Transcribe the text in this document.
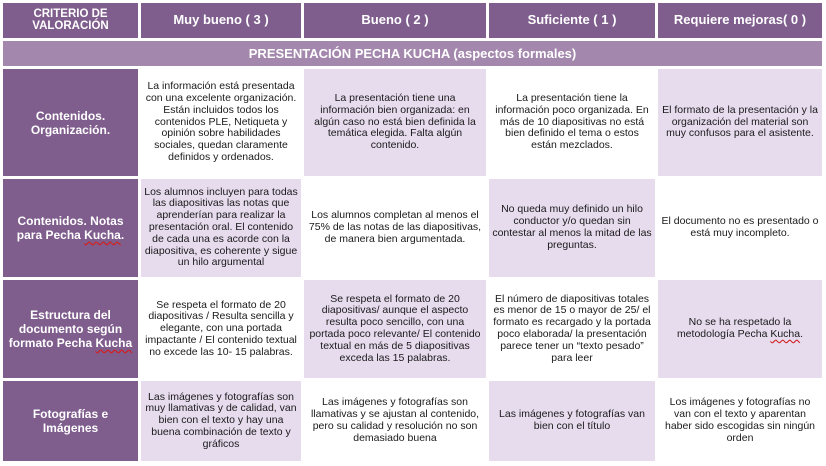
CRITERIO DE VALORACIÓN	Muy bueno ( 3 )	Bueno ( 2 )	Suficiente ( 1 )	Requiere mejoras( 0 )
PRESENTACIÓN PECHA KUCHA (aspectos formales)				
Contenidos. Organización.	La información está presentada con una excelente organización. Están incluidos todos los contenidos PLE, Netiqueta y opinión sobre habilidades sociales, quedan claramente definidos y ordenados.	La presentación tiene una información bien organizada: en algún caso no está bien definida la temática elegida. Falta algún contenido.	La presentación tiene la información poco organizada. En más de 10 diapositivas no está bien definido el tema o estos están mezclados.	El formato de la presentación y la organización del material son muy confusos para el asistente.
Contenidos. Notas para Pecha Kucha.	Los alumnos incluyen para todas las diapositivas las notas que aprenderían para realizar la presentación oral. El contenido de cada una es acorde con la diapositiva, es coherente y sigue un hilo argumental	Los alumnos completan al menos el 75% de las notas de las diapositivas, de manera bien argumentada.	No queda muy definido un hilo conductor y/o quedan sin contestar al menos la mitad de las preguntas.	El documento no es presentado o está muy incompleto.
Estructura del documento según formato Pecha Kucha	Se respeta el formato de 20 diapositivas / Resulta sencilla y elegante, con una portada impactante / El contenido textual no excede las 10- 15 palabras.	Se respeta el formato de 20 diapositivas/ aunque el aspecto resulta poco sencillo, con una portada poco relevante/ El contenido textual en más de 5 diapositivas exceda las 15 palabras.	El número de diapositivas totales es menor de 15 o mayor de 25/ el formato es recargado y la portada poco elaborada/ la presentación parece tener un “texto pesado” para leer	No se ha respetado la metodología Pecha Kucha.
Fotografías e Imágenes	Las imágenes y fotografías son muy llamativas y de calidad, van bien con el texto y hay una buena combinación de texto y gráficos	Las imágenes y fotografías son llamativas y se ajustan al contenido, pero su calidad y resolución no son demasiado buena	Las imágenes y fotografías van bien con el título	Los imágenes y fotografías no van con el texto y aparentan haber sido escogidas sin ningún orden
